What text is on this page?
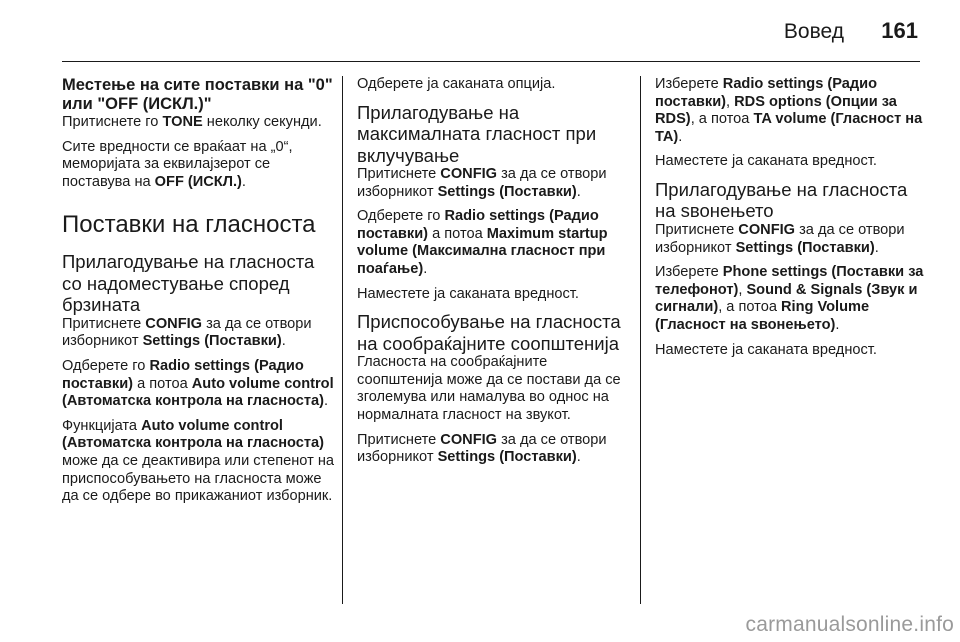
Вовед 161
Местење на сите поставки на "0" или "OFF (ИСКЛ.)"

Притиснете го TONE неколку секунди.

Сите вредности се враќаат на „0“, меморијата за еквилајзерот се поставува на OFF (ИСКЛ.).

Поставки на гласноста
Прилагодување на гласноста со надоместување според брзината

Притиснете CONFIG за да се отвори изборникот Settings (Поставки).

Одберете го Radio settings (Радио поставки) а потоа Auto volume control (Автоматска контрола на гласноста).

Функцијата Auto volume control (Автоматска контрола на гласноста) може да се деактивира или степенот на приспособувањето на гласноста може да се одбере во прикажаниот изборник.

Одберете ја саканата опција.

Прилагодување на максималната гласност при вклучување

Притиснете CONFIG за да се отвори изборникот Settings (Поставки).

Одберете го Radio settings (Радио поставки) а потоа Maximum startup volume (Максимална гласност при поаѓање).

Наместете ја саканата вредност.

Приспособување на гласноста на сообраќајните соопштенија

Гласноста на сообраќајните соопштенија може да се постави да се зголемува или намалува во однос на нормалната гласност на звукот.

Притиснете CONFIG за да се отвори изборникот Settings (Поставки).

Изберете Radio settings (Радио поставки), RDS options (Опции за RDS), а потоа TA volume (Гласност на TA).

Наместете ја саканата вредност.

Прилагодување на гласноста на ѕвонењето

Притиснете CONFIG за да се отвори изборникот Settings (Поставки).

Изберете Phone settings (Поставки за телефонот), Sound & Signals (Звук и сигнали), а потоа Ring Volume (Гласност на ѕвонењето).

Наместете ја саканата вредност.

carmanualsonline.info
